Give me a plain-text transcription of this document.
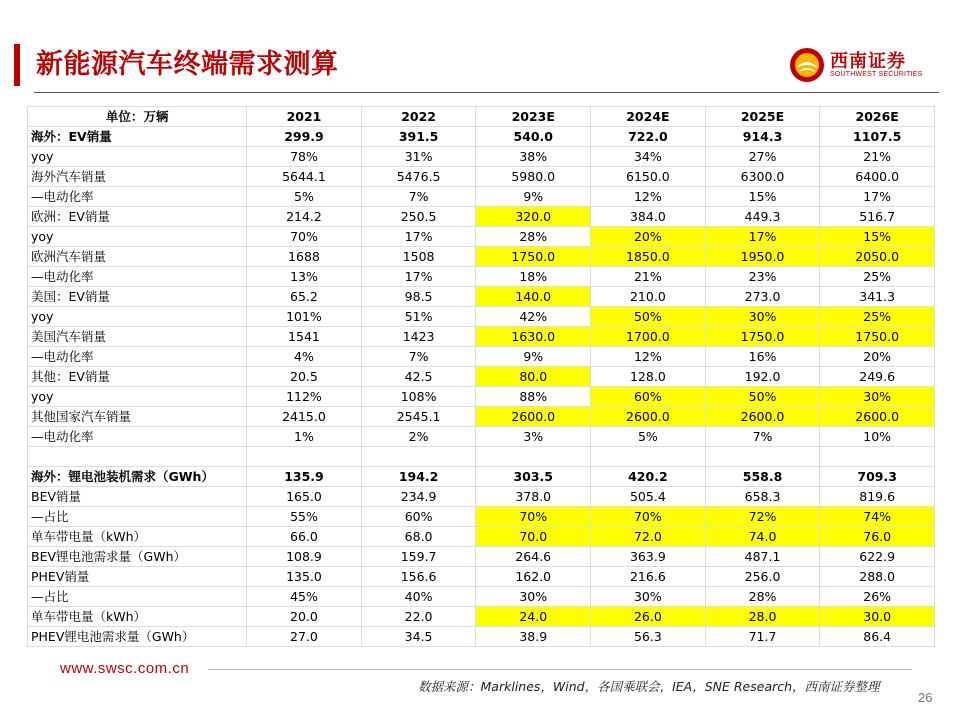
新能源汽车终端需求测算	西南证券
SOUTHWEST SECURITIES
单位：万辆	2021	2022	2023E	2024E	2025E	2026E
海外：EV销量	299.9	391.5	540.0	722.0	914.3	1107.5
yoy	78%	31%	38%	34%	27%	21%
海外汽车销量	5644.1	5476.5	5980.0	6150.0	6300.0	6400.0
—电动化率	5%	7%	9%	12%	15%	17%
欧洲：EV销量	214.2	250.5	320.0	384.0	449.3	516.7
yoy	70%	17%	28%	20%	17%	15%
欧洲汽车销量	1688	1508	1750.0	1850.0	1950.0	2050.0
—电动化率	13%	17%	18%	21%	23%	25%
美国：EV销量	65.2	98.5	140.0	210.0	273.0	341.3
yoy	101%	51%	42%	50%	30%	25%
美国汽车销量	1541	1423	1630.0	1700.0	1750.0	1750.0
—电动化率	4%	7%	9%	12%	16%	20%
其他：EV销量	20.5	42.5	80.0	128.0	192.0	249.6
yoy	112%	108%	88%	60%	50%	30%
其他国家汽车销量	2415.0	2545.1	2600.0	2600.0	2600.0	2600.0
—电动化率	1%	2%	3%	5%	7%	10%

海外：锂电池装机需求（GWh）	135.9	194.2	303.5	420.2	558.8	709.3
BEV销量	165.0	234.9	378.0	505.4	658.3	819.6
—占比	55%	60%	70%	70%	72%	74%
单车带电量（kWh）	66.0	68.0	70.0	72.0	74.0	76.0
BEV锂电池需求量（GWh）	108.9	159.7	264.6	363.9	487.1	622.9
PHEV销量	135.0	156.6	162.0	216.6	256.0	288.0
—占比	45%	40%	30%	30%	28%	26%
单车带电量（kWh）	20.0	22.0	24.0	26.0	28.0	30.0
PHEV锂电池需求量（GWh）	27.0	34.5	38.9	56.3	71.7	86.4
www.swsc.com.cn
数据来源：Marklines，Wind，各国乘联会，IEA，SNE Research，西南证券整理
26
